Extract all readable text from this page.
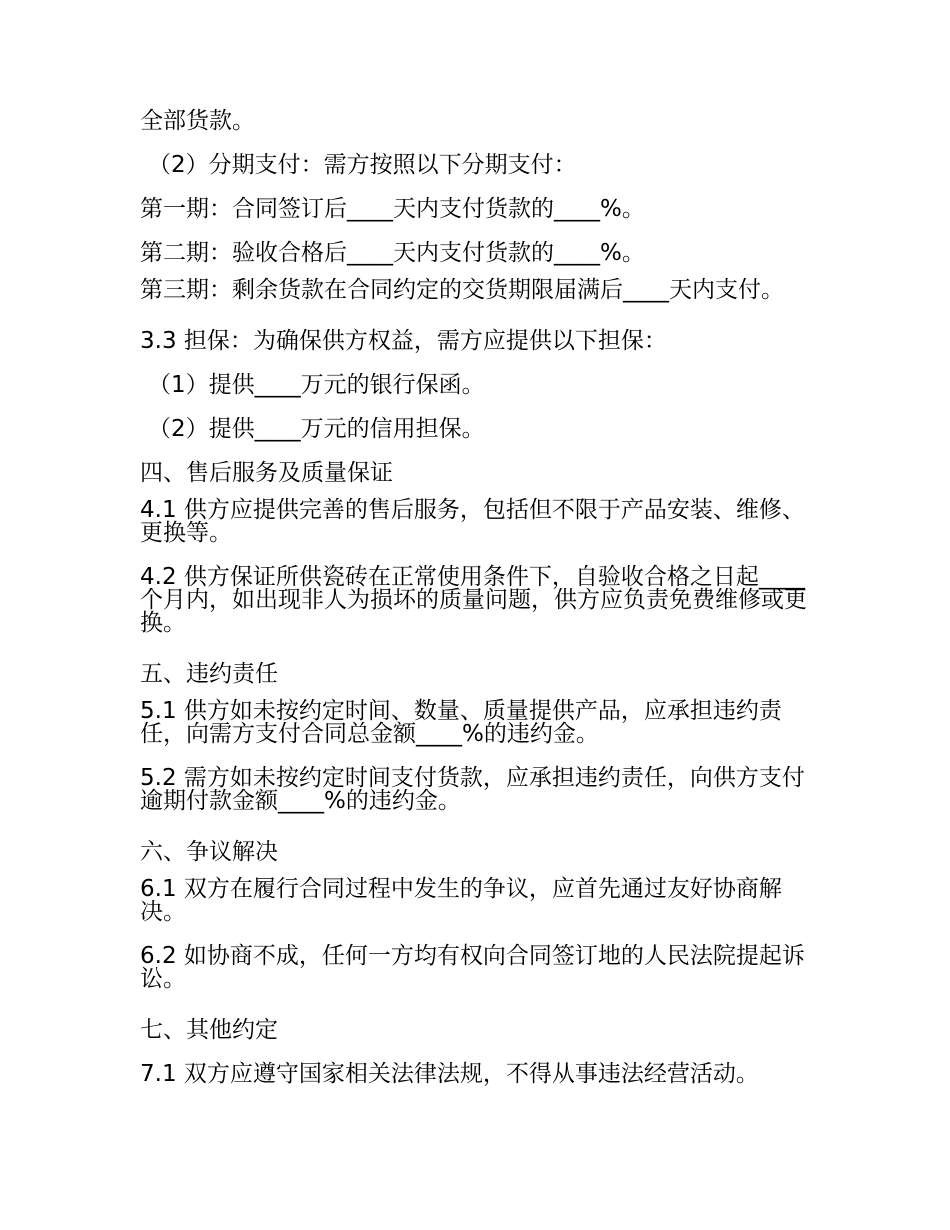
全部货款。

（2）分期支付：需方按照以下分期支付：

第一期：合同签订后____天内支付货款的____%。

第二期：验收合格后____天内支付货款的____%。

第三期：剩余货款在合同约定的交货期限届满后____天内支付。

3.3 担保：为确保供方权益，需方应提供以下担保：

（1）提供____万元的银行保函。

（2）提供____万元的信用担保。

四、售后服务及质量保证

4.1 供方应提供完善的售后服务，包括但不限于产品安装、维修、更换等。

4.2 供方保证所供瓷砖在正常使用条件下，自验收合格之日起____个月内，如出现非人为损坏的质量问题，供方应负责免费维修或更换。

五、违约责任

5.1 供方如未按约定时间、数量、质量提供产品，应承担违约责任，向需方支付合同总金额____%的违约金。

5.2 需方如未按约定时间支付货款，应承担违约责任，向供方支付逾期付款金额____%的违约金。

六、争议解决

6.1 双方在履行合同过程中发生的争议，应首先通过友好协商解决。

6.2 如协商不成，任何一方均有权向合同签订地的人民法院提起诉讼。

七、其他约定

7.1 双方应遵守国家相关法律法规，不得从事违法经营活动。
